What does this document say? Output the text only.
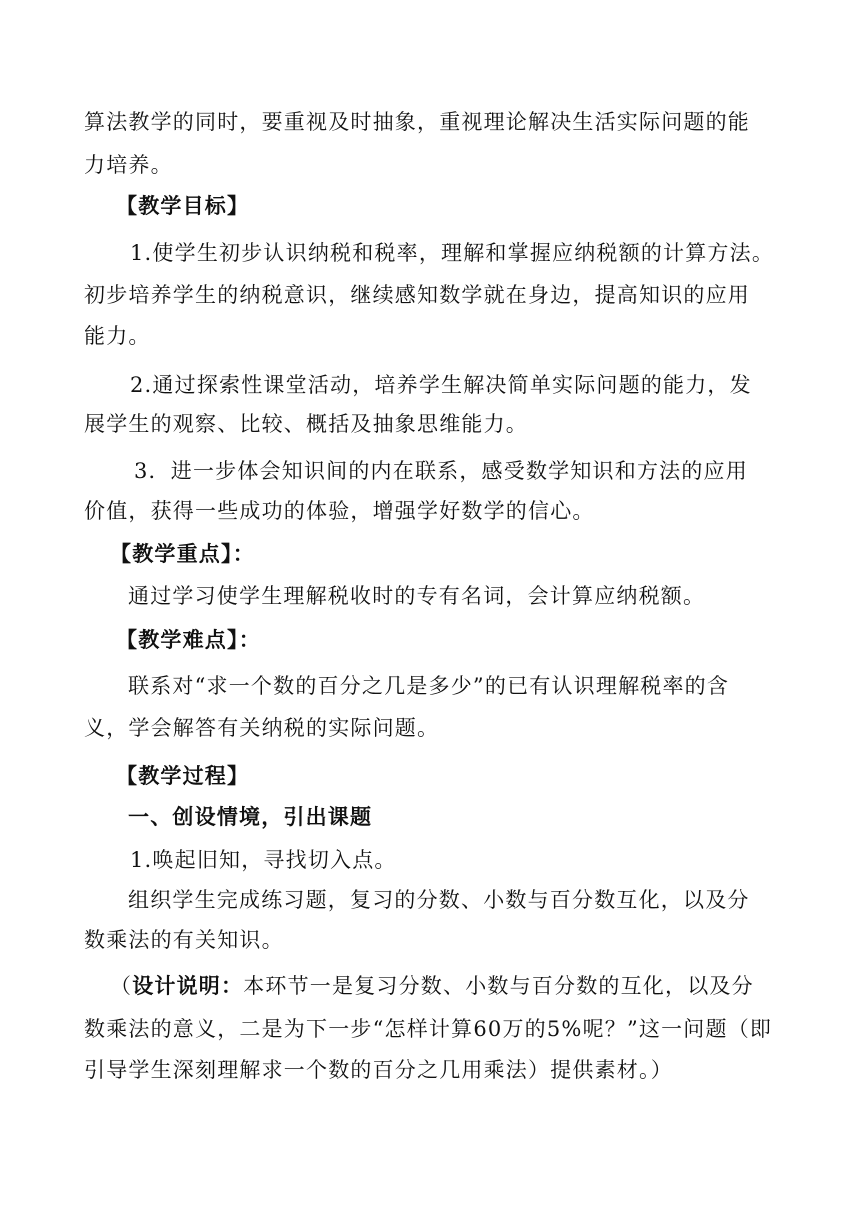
算法教学的同时，要重视及时抽象，重视理论解决生活实际问题的能
力培养。
【教学目标】
1.使学生初步认识纳税和税率，理解和掌握应纳税额的计算方法。
初步培养学生的纳税意识，继续感知数学就在身边，提高知识的应用
能力。
2.通过探索性课堂活动，培养学生解决简单实际问题的能力，发
展学生的观察、比较、概括及抽象思维能力。
3．进一步体会知识间的内在联系，感受数学知识和方法的应用
价值，获得一些成功的体验，增强学好数学的信心。
【教学重点】：
通过学习使学生理解税收时的专有名词，会计算应纳税额。
【教学难点】：
联系对“求一个数的百分之几是多少”的已有认识理解税率的含
义，学会解答有关纳税的实际问题。
【教学过程】
一、创设情境，引出课题
1.唤起旧知，寻找切入点。
组织学生完成练习题，复习的分数、小数与百分数互化，以及分
数乘法的有关知识。
（设计说明：本环节一是复习分数、小数与百分数的互化，以及分
数乘法的意义，二是为下一步“怎样计算60万的5%呢？”这一问题（即
引导学生深刻理解求一个数的百分之几用乘法）提供素材。）
